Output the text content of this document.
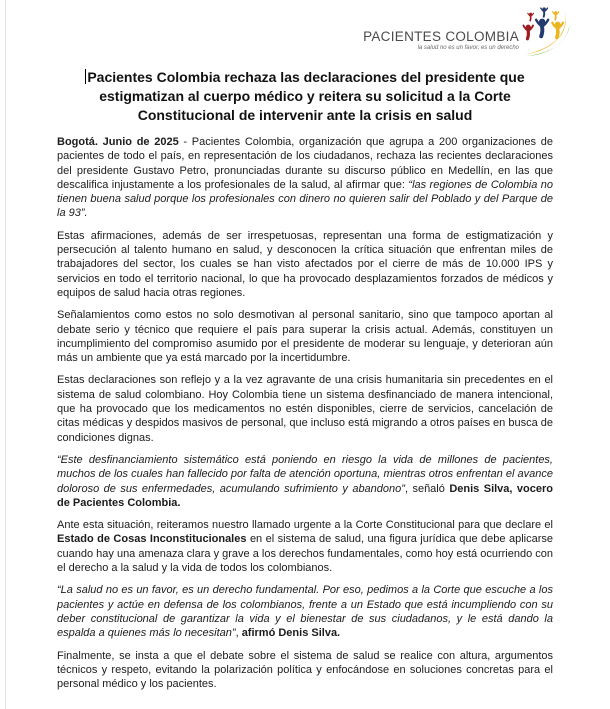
PACIENTES COLOMBIA
la salud no es un favor, es un derecho
Pacientes Colombia rechaza las declaraciones del presidente que estigmatizan al cuerpo médico y reitera su solicitud a la Corte Constitucional de intervenir ante la crisis en salud

Bogotá. Junio de 2025 - Pacientes Colombia, organización que agrupa a 200 organizaciones de pacientes de todo el país, en representación de los ciudadanos, rechaza las recientes declaraciones del presidente Gustavo Petro, pronunciadas durante su discurso público en Medellín, en las que descalifica injustamente a los profesionales de la salud, al afirmar que: “las regiones de Colombia no tienen buena salud porque los profesionales con dinero no quieren salir del Poblado y del Parque de la 93”.

Estas afirmaciones, además de ser irrespetuosas, representan una forma de estigmatización y persecución al talento humano en salud, y desconocen la crítica situación que enfrentan miles de trabajadores del sector, los cuales se han visto afectados por el cierre de más de 10.000 IPS y servicios en todo el territorio nacional, lo que ha provocado desplazamientos forzados de médicos y equipos de salud hacia otras regiones.

Señalamientos como estos no solo desmotivan al personal sanitario, sino que tampoco aportan al debate serio y técnico que requiere el país para superar la crisis actual. Además, constituyen un incumplimiento del compromiso asumido por el presidente de moderar su lenguaje, y deterioran aún más un ambiente que ya está marcado por la incertidumbre.

Estas declaraciones son reflejo y a la vez agravante de una crisis humanitaria sin precedentes en el sistema de salud colombiano. Hoy Colombia tiene un sistema desfinanciado de manera intencional, que ha provocado que los medicamentos no estén disponibles, cierre de servicios, cancelación de citas médicas y despidos masivos de personal, que incluso está migrando a otros países en busca de condiciones dignas.

“Este desfinanciamiento sistemático está poniendo en riesgo la vida de millones de pacientes, muchos de los cuales han fallecido por falta de atención oportuna, mientras otros enfrentan el avance doloroso de sus enfermedades, acumulando sufrimiento y abandono”, señaló Denis Silva, vocero de Pacientes Colombia.

Ante esta situación, reiteramos nuestro llamado urgente a la Corte Constitucional para que declare el Estado de Cosas Inconstitucionales en el sistema de salud, una figura jurídica que debe aplicarse cuando hay una amenaza clara y grave a los derechos fundamentales, como hoy está ocurriendo con el derecho a la salud y la vida de todos los colombianos.

“La salud no es un favor, es un derecho fundamental. Por eso, pedimos a la Corte que escuche a los pacientes y actúe en defensa de los colombianos, frente a un Estado que está incumpliendo con su deber constitucional de garantizar la vida y el bienestar de sus ciudadanos, y le está dando la espalda a quienes más lo necesitan”, afirmó Denis Silva.

Finalmente, se insta a que el debate sobre el sistema de salud se realice con altura, argumentos técnicos y respeto, evitando la polarización política y enfocándose en soluciones concretas para el personal médico y los pacientes.
